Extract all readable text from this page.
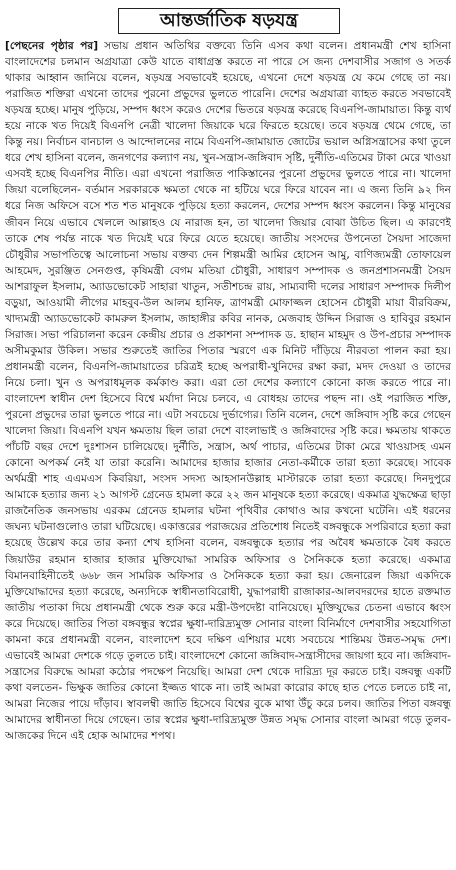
আন্তর্জাতিক ষড়যন্ত্র

[পেছনের পৃষ্ঠার পর] সভায় প্রধান অতিথির বক্তব্যে তিনি এসব কথা বলেন। প্রধানমন্ত্রী শেখ হাসিনা বাংলাদেশের চলমান অগ্রযাত্রা কেউ যাতে বাধাগ্রস্ত করতে না পারে সে জন্য দেশবাসীর সজাগ ও সতর্ক থাকার আহ্বান জানিয়ে বলেন, ষড়যন্ত্র সবভাবেই হয়েছে, এখনো দেশে ষড়যন্ত্র যে কমে গেছে তা নয়। পরাজিত শক্তিরা এখনো তাদের পুরনো প্রভুদের ভুলতে পারেনি। দেশের অগ্রযাত্রা ব্যাহত করতে সবভাবেই ষড়যন্ত্র হচ্ছে। মানুষ পুড়িয়ে, সম্পদ ধ্বংস করেও দেশের ভিতরে ষড়যন্ত্র করেছে বিএনপি-জামায়াত। কিন্তু ব্যর্থ হয়ে নাকে খত দিয়েই বিএনপি নেত্রী খালেদা জিয়াকে ঘরে ফিরতে হয়েছে। তবে ষড়যন্ত্র থেমে গেছে, তা কিন্তু নয়। নির্বাচন বানচাল ও আন্দোলনের নামে বিএনপি-জামায়াত জোটের ভয়াল অগ্নিসন্ত্রাসের কথা তুলে ধরে শেখ হাসিনা বলেন, জনগণের কল্যাণ নয়, খুন-সন্ত্রাস-জঙ্গিবাদ সৃষ্টি, দুর্নীতি-এতিমের টাকা মেরে খাওয়া এসবই হচ্ছে বিএনপির নীতি। এরা এখনো পরাজিত পাকিস্তানের পুরনো প্রভুদের ভুলতে পারে না। খালেদা জিয়া বলেছিলেন- বর্তমান সরকারকে ক্ষমতা থেকে না হটিয়ে ঘরে ফিরে যাবেন না। এ জন্য তিনি ৯২ দিন ধরে নিজ অফিসে বসে শত শত মানুষকে পুড়িয়ে হত্যা করলেন, দেশের সম্পদ ধ্বংস করলেন। কিন্তু মানুষের জীবন নিয়ে এভাবে খেললে আল্লাহও যে নারাজ হন, তা খালেদা জিয়ার বোঝা উচিত ছিল। এ কারণেই তাকে শেষ পর্যন্ত নাকে খত দিয়েই ঘরে ফিরে যেতে হয়েছে। জাতীয় সংসদের উপনেতা সৈয়দা সাজেদা চৌধুরীর সভাপতিত্বে আলোচনা সভায় বক্তব্য দেন শিল্পমন্ত্রী আমির হোসেন আমু, বাণিজ্যমন্ত্রী তোফায়েল আহমেদ, সুরঞ্জিত সেনগুপ্ত, কৃষিমন্ত্রী বেগম মতিয়া চৌধুরী, সাধারণ সম্পাদক ও জনপ্রশাসনমন্ত্রী সৈয়দ আশরাফুল ইসলাম, অ্যাডভোকেট সাহারা খাতুন, সতীশচন্দ্র রায়, সাম্যবাদী দলের সাধারণ সম্পাদক দিলীপ বড়ুয়া, আওয়ামী লীগের মাহবুব-উল আলম হানিফ, ত্রাণমন্ত্রী মোফাজ্জল হোসেন চৌধুরী মায়া বীরবিক্রম, খাদ্যমন্ত্রী অ্যাডভোকেট কামরুল ইসলাম, জাহাঙ্গীর কবির নানক, মেজবাহ উদ্দিন সিরাজ ও হাবিবুর রহমান সিরাজ। সভা পরিচালনা করেন কেন্দ্রীয় প্রচার ও প্রকাশনা সম্পাদক ড. হাছান মাহমুদ ও উপ-প্রচার সম্পাদক অসীমকুমার উকিল। সভার শুরুতেই জাতির পিতার স্মরণে এক মিনিট দাঁড়িয়ে নীরবতা পালন করা হয়। প্রধানমন্ত্রী বলেন, বিএনপি-জামায়াতের চরিত্রই হচ্ছে অপরাধী-খুনিদের রক্ষা করা, মদদ দেওয়া ও তাদের নিয়ে চলা। খুন ও অপরাধমূলক কর্মকাণ্ড করা। এরা তো দেশের কল্যাণে কোনো কাজ করতে পারে না। বাংলাদেশ স্বাধীন দেশ হিসেবে বিশ্বে মর্যাদা নিয়ে চলবে, এ বোধহয় তাদের পছন্দ না। ওই পরাজিত শক্তি, পুরনো প্রভুদের তারা ভুলতে পারে না। এটা সবচেয়ে দুর্ভাগ্যের। তিনি বলেন, দেশে জঙ্গিবাদ সৃষ্টি করে গেছেন খালেদা জিয়া। বিএনপি যখন ক্ষমতায় ছিল তারা দেশে বাংলাভাই ও জঙ্গিবাদের সৃষ্টি করে। ক্ষমতায় থাকতে পাঁচটি বছর দেশে দুঃশাসন চালিয়েছে। দুর্নীতি, সন্ত্রাস, অর্থ পাচার, এতিমের টাকা মেরে খাওয়াসহ এমন কোনো অপকর্ম নেই যা তারা করেনি। আমাদের হাজার হাজার নেতা-কর্মীকে তারা হত্যা করেছে। সাবেক অর্থমন্ত্রী শাহ এএমএস কিবরিয়া, সংসদ সদস্য আহসানউল্লাহ মাস্টারকে তারা হত্যা করেছে। দিনদুপুরে আমাকে হত্যার জন্য ২১ আগস্ট গ্রেনেড হামলা করে ২২ জন মানুষকে হত্যা করেছে। একমাত্র যুদ্ধক্ষেত্র ছাড়া রাজনৈতিক জনসভায় এরকম গ্রেনেড হামলার ঘটনা পৃথিবীর কোথাও আর কখনো ঘটেনি। এই ধরনের জঘন্য ঘটনাগুলোও তারা ঘটিয়েছে। একাত্তরের পরাজয়ের প্রতিশোধ নিতেই বঙ্গবন্ধুকে সপরিবারে হত্যা করা হয়েছে উল্লেখ করে তার কন্যা শেখ হাসিনা বলেন, বঙ্গবন্ধুকে হত্যার পর অবৈধ ক্ষমতাকে বৈধ করতে জিয়াউর রহমান হাজার হাজার মুক্তিযোদ্ধা সামরিক অফিসার ও সৈনিককে হত্যা করেছে। একমাত্র বিমানবাহিনীতেই ৬৬৮ জন সামরিক অফিসার ও সৈনিককে হত্যা করা হয়। জেনারেল জিয়া একদিকে মুক্তিযোদ্ধাদের হত্যা করেছে, অন্যদিকে স্বাধীনতাবিরোধী, যুদ্ধাপরাধী রাজাকার-আলবদরদের হাতে রক্তমাত জাতীয় পতাকা দিয়ে প্রধানমন্ত্রী থেকে শুরু করে মন্ত্রী-উপদেষ্টা বানিয়েছে। মুক্তিযুদ্ধের চেতনা এভাবে ধ্বংস করে দিয়েছে। জাতির পিতা বঙ্গবন্ধুর স্বপ্নের ক্ষুধা-দারিদ্র্যমুক্ত সোনার বাংলা বিনির্মাণে দেশবাসীর সহযোগিতা কামনা করে প্রধানমন্ত্রী বলেন, বাংলাদেশ হবে দক্ষিণ এশিয়ার মধ্যে সবচেয়ে শান্তিময় উন্নত-সমৃদ্ধ দেশ। এভাবেই আমরা দেশকে গড়ে তুলতে চাই। বাংলাদেশে কোনো জঙ্গিবাদ-সন্ত্রাসীদের জায়গা হবে না। জঙ্গিবাদ-সন্ত্রাসের বিরুদ্ধে আমরা কঠোর পদক্ষেপ নিয়েছি। আমরা দেশ থেকে দারিদ্র্য দূর করতে চাই। বঙ্গবন্ধু একটি কথা বলতেন- ভিক্ষুক জাতির কোনো ইজ্জত থাকে না। তাই আমরা কারোর কাছে হাত পেতে চলতে চাই না, আমরা নিজের পায়ে দাঁড়াব। স্বাবলম্বী জাতি হিসেবে বিশ্বের বুকে মাথা উঁচু করে চলব। জাতির পিতা বঙ্গবন্ধু আমাদের স্বাধীনতা দিয়ে গেছেন। তার স্বপ্নের ক্ষুধা-দারিদ্র্যমুক্ত উন্নত সমৃদ্ধ সোনার বাংলা আমরা গড়ে তুলব- আজকের দিনে এই হোক আমাদের শপথ।
